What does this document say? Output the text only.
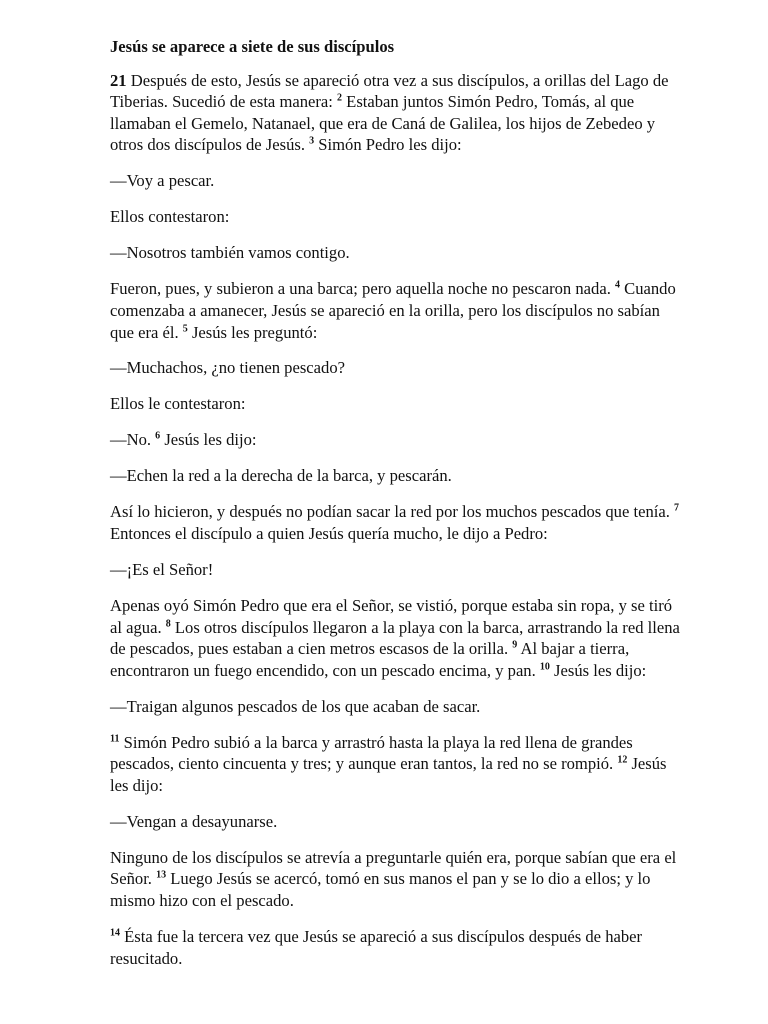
Jesús se aparece a siete de sus discípulos

21 Después de esto, Jesús se apareció otra vez a sus discípulos, a orillas del Lago de Tiberias. Sucedió de esta manera: $^2$ Estaban juntos Simón Pedro, Tomás, al que llamaban el Gemelo, Natanael, que era de Caná de Galilea, los hijos de Zebedeo y otros dos discípulos de Jesús. $^3$ Simón Pedro les dijo:

—Voy a pescar.

Ellos contestaron:

—Nosotros también vamos contigo.

Fueron, pues, y subieron a una barca; pero aquella noche no pescaron nada. $^4$ Cuando comenzaba a amanecer, Jesús se apareció en la orilla, pero los discípulos no sabían que era él. $^5$ Jesús les preguntó:

—Muchachos, ¿no tienen pescado?

Ellos le contestaron:

—No. $^6$ Jesús les dijo:

—Echen la red a la derecha de la barca, y pescarán.

Así lo hicieron, y después no podían sacar la red por los muchos pescados que tenía. $^7$ Entonces el discípulo a quien Jesús quería mucho, le dijo a Pedro:

—¡Es el Señor!

Apenas oyó Simón Pedro que era el Señor, se vistió, porque estaba sin ropa, y se tiró al agua. $^8$ Los otros discípulos llegaron a la playa con la barca, arrastrando la red llena de pescados, pues estaban a cien metros escasos de la orilla. $^9$ Al bajar a tierra, encontraron un fuego encendido, con un pescado encima, y pan. $^{10}$ Jesús les dijo:

—Traigan algunos pescados de los que acaban de sacar.

$^{11}$ Simón Pedro subió a la barca y arrastró hasta la playa la red llena de grandes pescados, ciento cincuenta y tres; y aunque eran tantos, la red no se rompió. $^{12}$ Jesús les dijo:

—Vengan a desayunarse.

Ninguno de los discípulos se atrevía a preguntarle quién era, porque sabían que era el Señor. $^{13}$ Luego Jesús se acercó, tomó en sus manos el pan y se lo dio a ellos; y lo mismo hizo con el pescado.

$^{14}$ Ésta fue la tercera vez que Jesús se apareció a sus discípulos después de haber resucitado.
